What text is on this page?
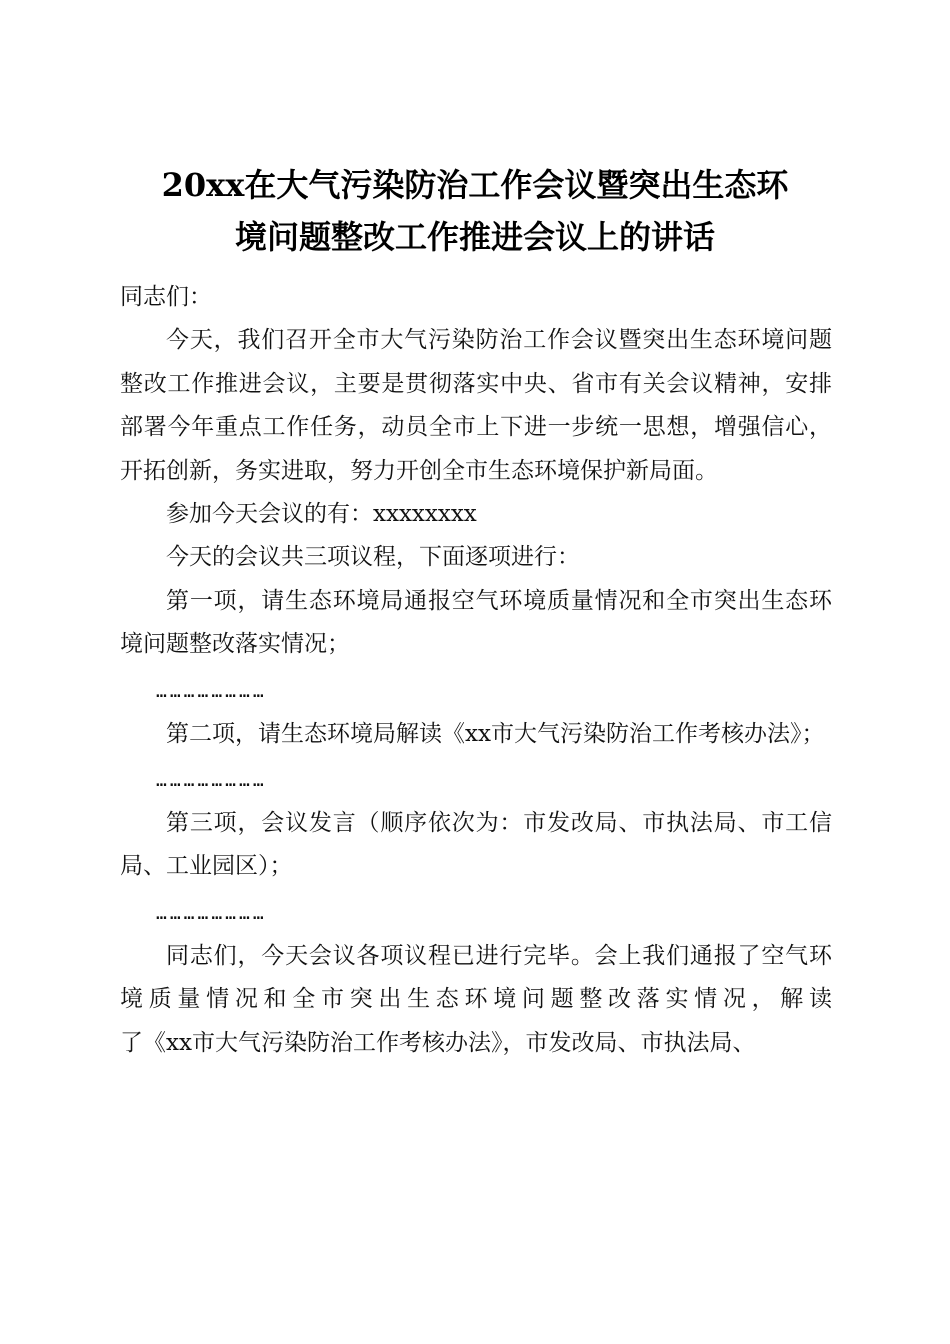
20xx在大气污染防治工作会议暨突出生态环
境问题整改工作推进会议上的讲话

同志们：

今天，我们召开全市大气污染防治工作会议暨突出生态环境问题整改工作推进会议，主要是贯彻落实中央、省市有关会议精神，安排部署今年重点工作任务，动员全市上下进一步统一思想，增强信心，开拓创新，务实进取，努力开创全市生态环境保护新局面。

参加今天会议的有：xxxxxxxx

今天的会议共三项议程，下面逐项进行：

第一项，请生态环境局通报空气环境质量情况和全市突出生态环境问题整改落实情况；

……………………

第二项，请生态环境局解读《xx市大气污染防治工作考核办法》；

……………………

第三项，会议发言（顺序依次为：市发改局、市执法局、市工信局、工业园区）；

……………………

同志们，今天会议各项议程已进行完毕。会上我们通报了空气环境质量情况和全市突出生态环境问题整改落实情况，解读了《xx市大气污染防治工作考核办法》，市发改局、市执法局、
